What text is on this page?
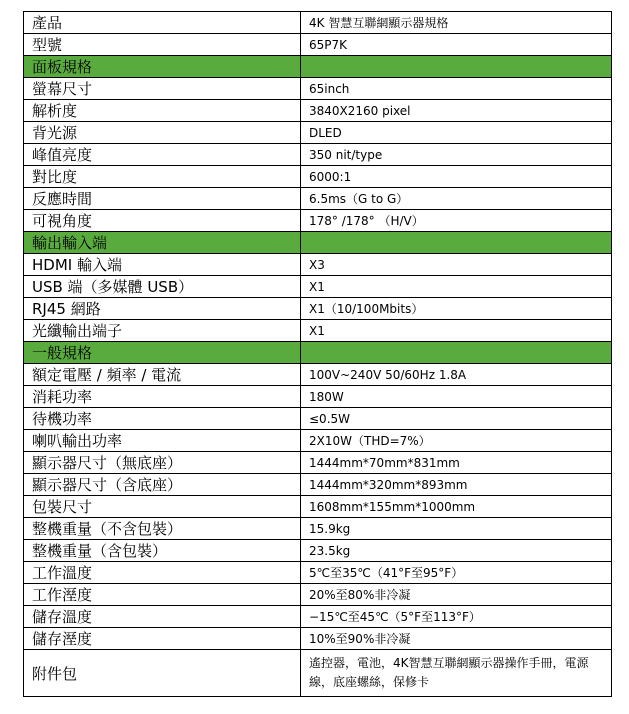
產品	4K 智慧互聯網顯示器規格
型號	65P7K
面板規格	
螢幕尺寸	65inch
解析度	3840X2160 pixel
背光源	DLED
峰值亮度	350 nit/type
對比度	6000:1
反應時間	6.5ms（G to G）
可視角度	178° /178° （H/V）
輸出輸入端	
HDMI 輸入端	X3
USB 端（多媒體 USB）	X1
RJ45 網路	X1（10/100Mbits）
光纖輸出端子	X1
一般規格	
額定電壓 / 頻率 / 電流	100V~240V 50/60Hz 1.8A
消耗功率	180W
待機功率	≤0.5W
喇叭輸出功率	2X10W（THD=7%）
顯示器尺寸（無底座）	1444mm*70mm*831mm
顯示器尺寸（含底座）	1444mm*320mm*893mm
包裝尺寸	1608mm*155mm*1000mm
整機重量（不含包裝）	15.9kg
整機重量（含包裝）	23.5kg
工作溫度	5℃至35℃（41°F至95°F）
工作溼度	20%至80%非冷凝
儲存溫度	−15℃至45℃（5°F至113°F）
儲存溼度	10%至90%非冷凝
附件包	遙控器，電池，4K智慧互聯網顯示器操作手冊，電源線，底座螺絲，保修卡
